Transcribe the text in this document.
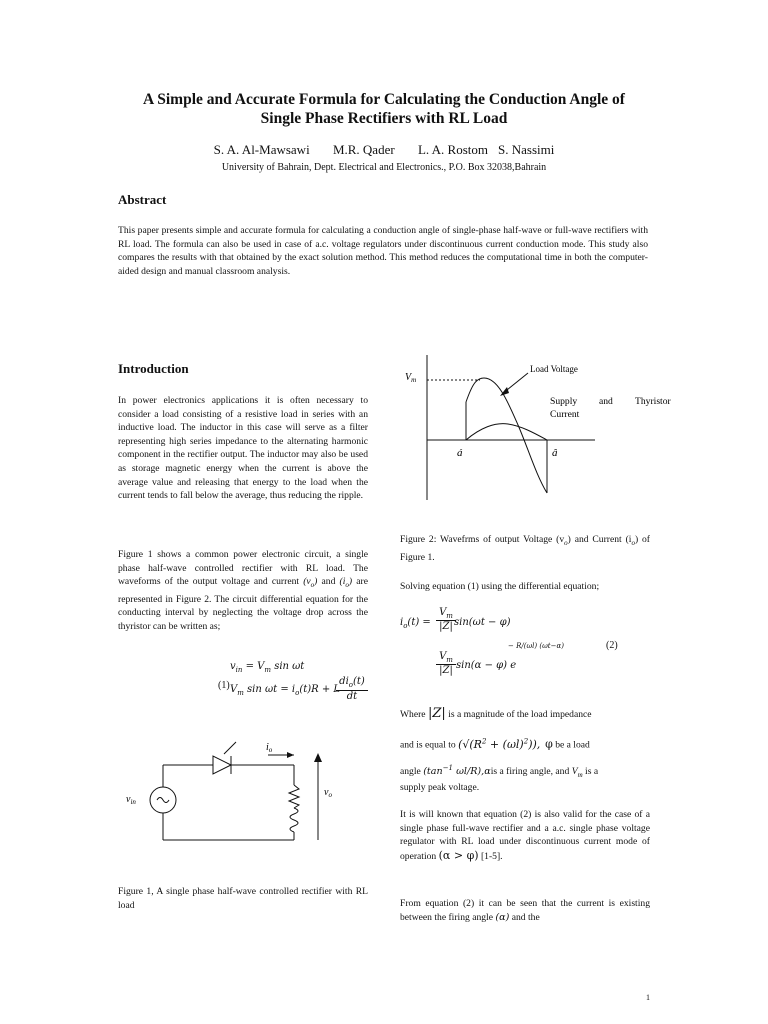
A Simple and Accurate Formula for Calculating the Conduction Angle of
Single Phase Rectifiers with RL Load
S. A. Al-Mawsawi M.R. Qader L. A. Rostom S. Nassimi
University of Bahrain, Dept. Electrical and Electronics., P.O. Box 32038,Bahrain
Abstract

This paper presents simple and accurate formula for calculating a conduction angle of single-phase half-wave or full-wave rectifiers with RL load. The formula can also be used in case of a.c. voltage regulators under discontinuous current conduction mode. This study also compares the results with that obtained by the exact solution method. This method reduces the computational time in both the computer-aided design and manual classroom analysis.

Introduction

In power electronics applications it is often necessary to consider a load consisting of a resistive load in series with an inductive load. The inductor in this case will serve as a filter representing high series impedance to the alternating harmonic component in the rectifier output. The inductor may also be used as storage magnetic energy when the current is above the average value and releasing that energy to the load when the current tends to fall below the average, thus reducing the ripple.

Figure 1 shows a common power electronic circuit, a single phase half-wave controlled rectifier with RL load. The waveforms of the output voltage and current $(v_o)$ and $(i_o)$ are represented in Figure 2. The circuit differential equation for the conducting interval by neglecting the voltage drop across the thyristor can be written as;

$v_{in} = V_m$ sin ωt
(1) $V_m$ $\sin \omega t = i_o(t)R + L$
$di_o(t)$
dt
$i_o$
$v_{in}$
$v_o$

Figure 1, A single phase half-wave controlled rectifier with RL load

$V_m$
Load Voltage
Supply and Thyristor
Current
á	â

Figure 2: Wavefrms of output Voltage $(v_o)$ and Current $(i_o)$ of Figure 1.

Solving equation (1) using the differential equation;

$i_o(t)$ =
$V_m$
|Z| sin(ωt − φ)
(2)
− R/(ωl) (ωt−α)
$V_m$
|Z| sin(α − φ) e
Where |Z| is a magnitude of the load impedance
and is equal to $(√(R^2 + (\omega l)^2))$, φ be a load
angle ($\tan^{-1}$ ωl/R),αis a firing angle, and $V_m$ is a
supply peak voltage.

It is will known that equation (2) is also valid for the case of a single phase full-wave rectifier and a a.c. single phase voltage regulator with RL load under discontinuous current mode of operation (α > φ) [1-5].

From equation (2) it can be seen that the current is existing between the firing angle (α) and the

1
